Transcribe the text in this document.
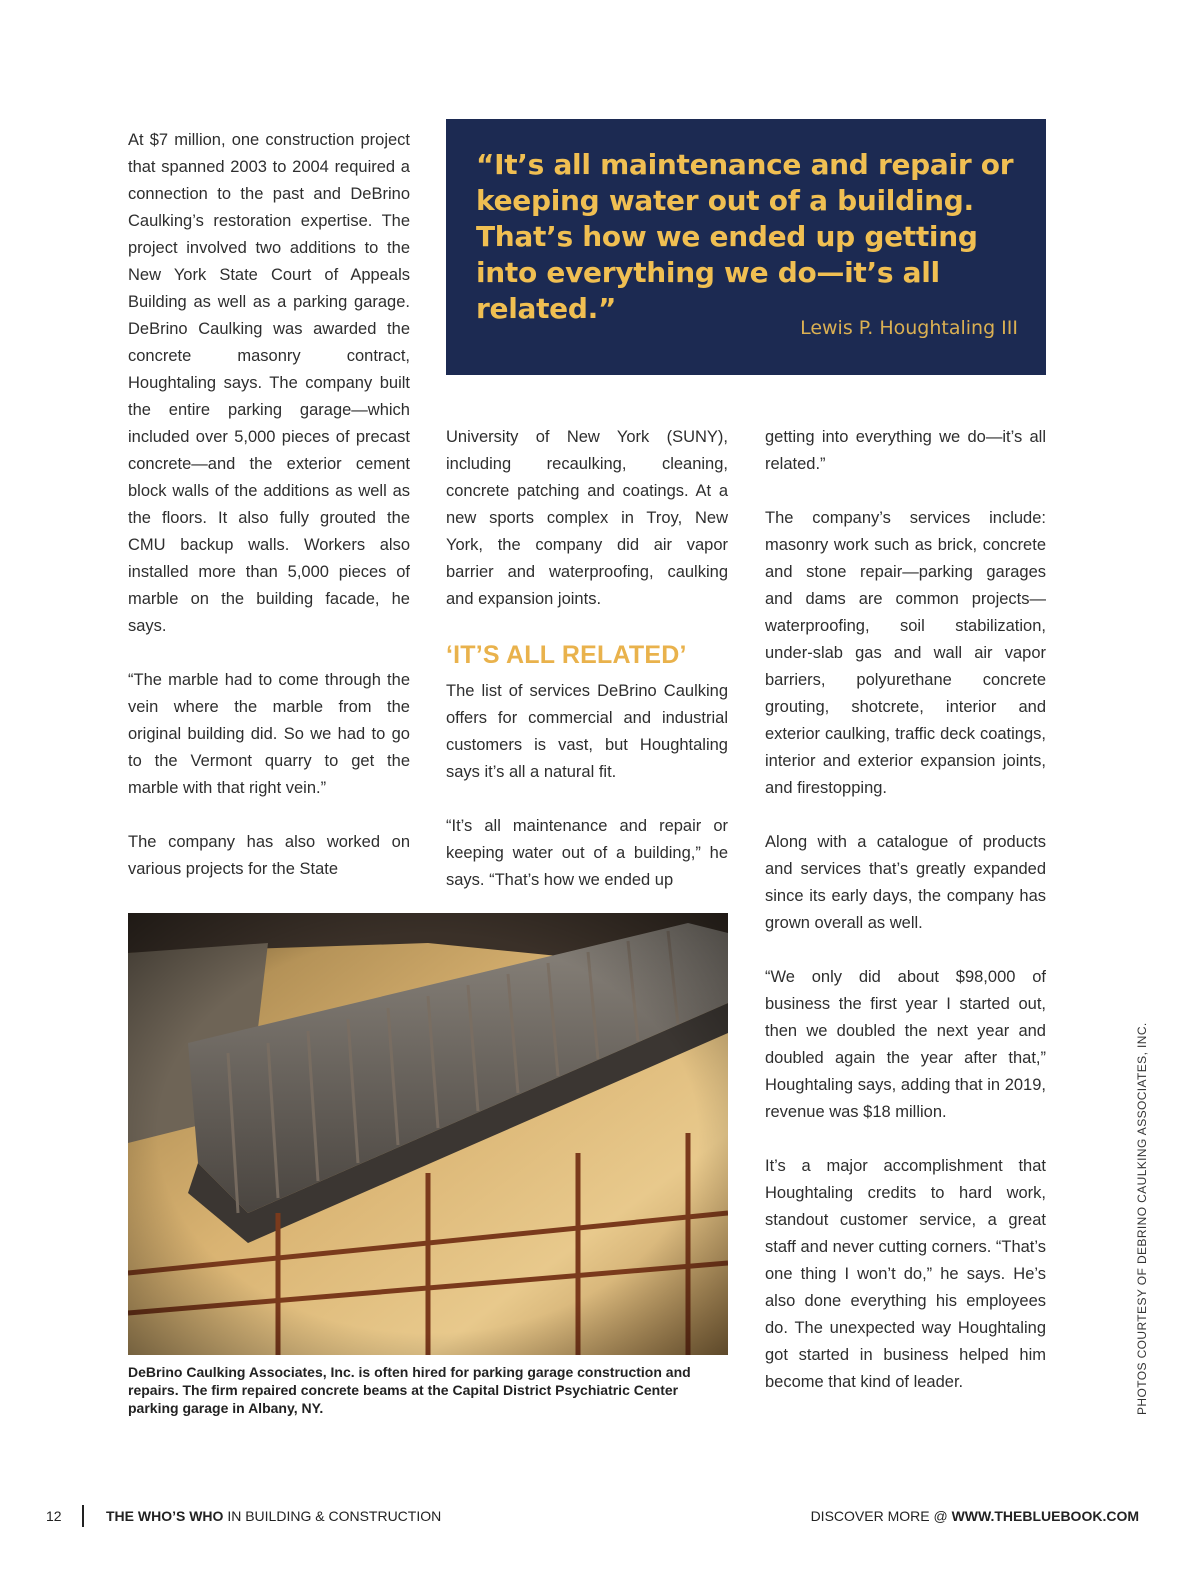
At $7 million, one construction project that spanned 2003 to 2004 required a connection to the past and DeBrino Caulking’s restoration expertise. The project involved two additions to the New York State Court of Appeals Building as well as a parking garage. DeBrino Caulking was awarded the concrete masonry contract, Houghtaling says. The company built the entire parking garage—which included over 5,000 pieces of precast concrete—and the exterior cement block walls of the additions as well as the floors. It also fully grouted the CMU backup walls. Workers also installed more than 5,000 pieces of marble on the building facade, he says.

“The marble had to come through the vein where the marble from the original building did. So we had to go to the Vermont quarry to get the marble with that right vein.”

The company has also worked on various projects for the State

“It’s all maintenance and repair or keeping water out of a building. That’s how we ended up getting into everything we do—it’s all related.”
Lewis P. Houghtaling III

University of New York (SUNY), including recaulking, cleaning, concrete patching and coatings. At a new sports complex in Troy, New York, the company did air vapor barrier and waterproofing, caulking and expansion joints.

‘IT’S ALL RELATED’

The list of services DeBrino Caulking offers for commercial and industrial customers is vast, but Houghtaling says it’s all a natural fit.

“It’s all maintenance and repair or keeping water out of a building,” he says. “That’s how we ended up

getting into everything we do—it’s all related.”

The company’s services include: masonry work such as brick, concrete and stone repair—parking garages and dams are common projects—waterproofing, soil stabilization, under-slab gas and wall air vapor barriers, polyurethane concrete grouting, shotcrete, interior and exterior caulking, traffic deck coatings, interior and exterior expansion joints, and firestopping.

Along with a catalogue of products and services that’s greatly expanded since its early days, the company has grown overall as well.

“We only did about $98,000 of business the first year I started out, then we doubled the next year and doubled again the year after that,” Houghtaling says, adding that in 2019, revenue was $18 million.

It’s a major accomplishment that Houghtaling credits to hard work, standout customer service, a great staff and never cutting corners. “That’s one thing I won’t do,” he says. He’s also done everything his employees do. The unexpected way Houghtaling got started in business helped him become that kind of leader.

DeBrino Caulking Associates, Inc. is often hired for parking garage construction and repairs. The firm repaired concrete beams at the Capital District Psychiatric Center parking garage in Albany, NY.	PHOTOS COURTESY OF DEBRINO CAULKING ASSOCIATES, INC.
12	THE WHO’S WHO IN BUILDING & CONSTRUCTION	DISCOVER MORE @ WWW.THEBLUEBOOK.COM
